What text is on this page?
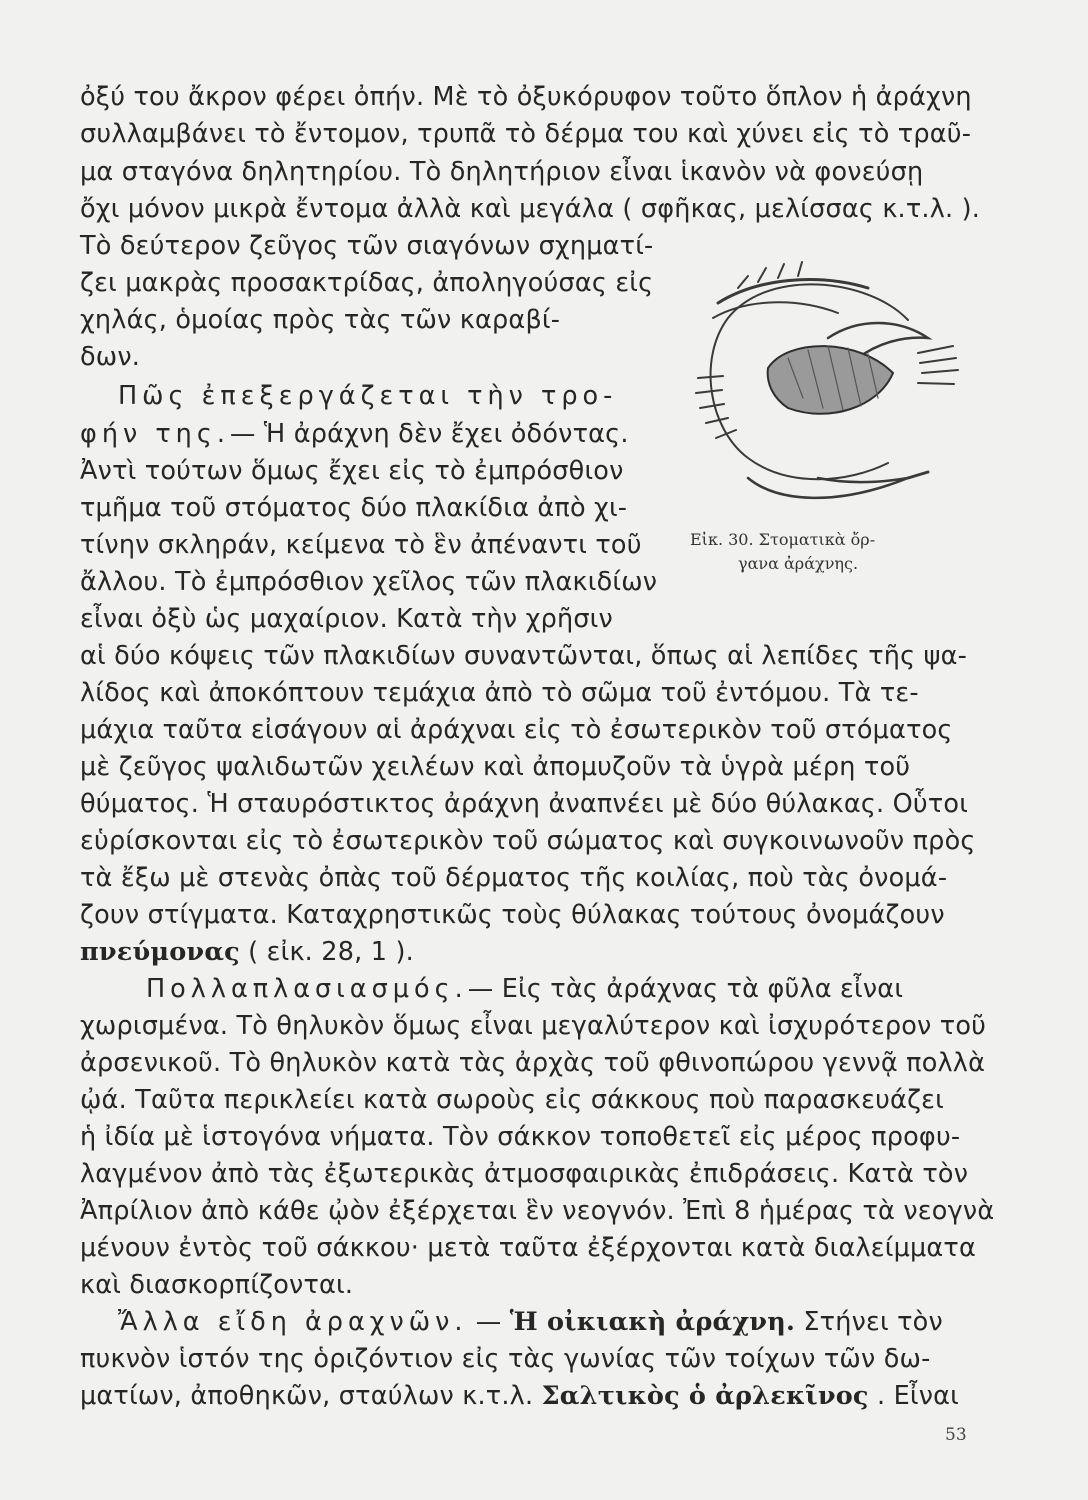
ὀξύ του ἄκρον φέρει ὀπήν. Μὲ τὸ ὀξυκόρυφον τοῦτο ὅπλον ἡ ἀράχνη
συλλαμβάνει τὸ ἔντομον, τρυπᾶ τὸ δέρμα του καὶ χύνει εἰς τὸ τραῦ-
μα σταγόνα δηλητηρίου. Τὸ δηλητήριον εἶναι ἱκανὸν νὰ φονεύσῃ
ὄχι μόνον μικρὰ ἔντομα ἀλλὰ καὶ μεγάλα ( σφῆκας, μελίσσας κ.τ.λ. ).
Τὸ δεύτερον ζεῦγος τῶν σιαγόνων σχηματί-
ζει μακρὰς προσακτρίδας, ἀποληγούσας εἰς
χηλάς, ὁμοίας πρὸς τὰς τῶν καραβί-
δων.
Πῶς ἐπεξεργάζεται τὴν τρο-
φήν της.— Ἡ ἀράχνη δὲν ἔχει ὀδόντας.
Ἀντὶ τούτων ὅμως ἔχει εἰς τὸ ἐμπρόσθιον
τμῆμα τοῦ στόματος δύο πλακίδια ἀπὸ χι-
τίνην σκληράν, κείμενα τὸ ἓν ἀπέναντι τοῦ
ἄλλου. Τὸ ἐμπρόσθιον χεῖλος τῶν πλακιδίων
εἶναι ὀξὺ ὡς μαχαίριον. Κατὰ τὴν χρῆσιν
αἱ δύο κόψεις τῶν πλακιδίων συναντῶνται, ὅπως αἱ λεπίδες τῆς ψα-
λίδος καὶ ἀποκόπτουν τεμάχια ἀπὸ τὸ σῶμα τοῦ ἐντόμου. Τὰ τε-
μάχια ταῦτα εἰσάγουν αἱ ἀράχναι εἰς τὸ ἐσωτερικὸν τοῦ στόματος
μὲ ζεῦγος ψαλιδωτῶν χειλέων καὶ ἀπομυζοῦν τὰ ὑγρὰ μέρη τοῦ
θύματος. Ἡ σταυρόστικτος ἀράχνη ἀναπνέει μὲ δύο θύλακας. Οὗτοι
εὑρίσκονται εἰς τὸ ἐσωτερικὸν τοῦ σώματος καὶ συγκοινωνοῦν πρὸς
τὰ ἔξω μὲ στενὰς ὀπὰς τοῦ δέρματος τῆς κοιλίας, ποὺ τὰς ὀνομά-
ζουν στίγματα. Καταχρηστικῶς τοὺς θύλακας τούτους ὀνομάζουν
πνεύμονας ( εἰκ. 28, 1 ).
Πολλαπλασιασμός.— Εἰς τὰς ἀράχνας τὰ φῦλα εἶναι
χωρισμένα. Τὸ θηλυκὸν ὅμως εἶναι μεγαλύτερον καὶ ἰσχυρότερον τοῦ
ἀρσενικοῦ. Τὸ θηλυκὸν κατὰ τὰς ἀρχὰς τοῦ φθινοπώρου γεννᾷ πολλὰ
ᾠά. Ταῦτα περικλείει κατὰ σωροὺς εἰς σάκκους ποὺ παρασκευάζει
ἡ ἰδία μὲ ἱστογόνα νήματα. Τὸν σάκκον τοποθετεῖ εἰς μέρος προφυ-
λαγμένον ἀπὸ τὰς ἐξωτερικὰς ἀτμοσφαιρικὰς ἐπιδράσεις. Κατὰ τὸν
Ἀπρίλιον ἀπὸ κάθε ᾠὸν ἐξέρχεται ἓν νεογνόν. Ἐπὶ 8 ἡμέρας τὰ νεογνὰ
μένουν ἐντὸς τοῦ σάκκου· μετὰ ταῦτα ἐξέρχονται κατὰ διαλείμματα
καὶ διασκορπίζονται.
Ἄλλα εἴδη ἀραχνῶν. — Ἡ οἰκιακὴ ἀράχνη. Στήνει τὸν
πυκνὸν ἱστόν της ὁριζόντιον εἰς τὰς γωνίας τῶν τοίχων τῶν δω-
ματίων, ἀποθηκῶν, σταύλων κ.τ.λ. Σαλτικὸς ὁ ἀρλεκῖνος . Εἶναι
Εἰκ. 30. Στοματικὰ ὄρ-
γανα ἀράχνης.
53
